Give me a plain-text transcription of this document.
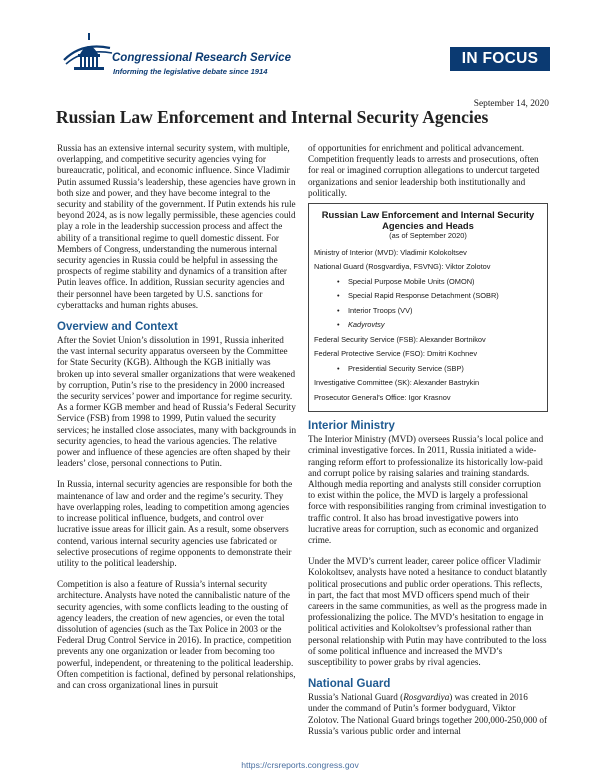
Congressional Research Service
Informing the legislative debate since 1914
IN FOCUS
September 14, 2020
Russian Law Enforcement and Internal Security Agencies

Russia has an extensive internal security system, with multiple, overlapping, and competitive security agencies vying for bureaucratic, political, and economic influence. Since Vladimir Putin assumed Russia’s leadership, these agencies have grown in both size and power, and they have become integral to the security and stability of the government. If Putin extends his rule beyond 2024, as is now legally permissible, these agencies could play a role in the leadership succession process and affect the ability of a transitional regime to quell domestic dissent. For Members of Congress, understanding the numerous internal security agencies in Russia could be helpful in assessing the prospects of regime stability and dynamics of a transition after Putin leaves office. In addition, Russian security agencies and their personnel have been targeted by U.S. sanctions for cyberattacks and human rights abuses.

Overview and Context

After the Soviet Union’s dissolution in 1991, Russia inherited the vast internal security apparatus overseen by the Committee for State Security (KGB). Although the KGB initially was broken up into several smaller organizations that were weakened by corruption, Putin’s rise to the presidency in 2000 increased the security services’ power and importance for regime security. As a former KGB member and head of Russia’s Federal Security Service (FSB) from 1998 to 1999, Putin valued the security services; he installed close associates, many with backgrounds in security agencies, to head the various agencies. The relative power and influence of these agencies are often shaped by their leaders’ close, personal connections to Putin.

In Russia, internal security agencies are responsible for both the maintenance of law and order and the regime’s security. They have overlapping roles, leading to competition among agencies to increase political influence, budgets, and control over lucrative issue areas for illicit gain. As a result, some observers contend, various internal security agencies use fabricated or selective prosecutions of regime opponents to demonstrate their utility to the political leadership.

Competition is also a feature of Russia’s internal security architecture. Analysts have noted the cannibalistic nature of the security agencies, with some conflicts leading to the ousting of agency leaders, the creation of new agencies, or even the total dissolution of agencies (such as the Tax Police in 2003 or the Federal Drug Control Service in 2016). In practice, competition prevents any one organization or leader from becoming too powerful, independent, or threatening to the political leadership. Often competition is factional, defined by personal relationships, and can cross organizational lines in pursuit

of opportunities for enrichment and political advancement. Competition frequently leads to arrests and prosecutions, often for real or imagined corruption allegations to undercut targeted organizations and senior leadership both institutionally and politically.

Russian Law Enforcement and Internal Security Agencies and Heads
(as of September 2020)
Ministry of Interior (MVD): Vladimir Kolokoltsev
National Guard (Rosgvardiya, FSVNG): Viktor Zolotov
• Special Purpose Mobile Units (OMON)
• Special Rapid Response Detachment (SOBR)
• Interior Troops (VV)
• Kadyrovtsy
Federal Security Service (FSB): Alexander Bortnikov
Federal Protective Service (FSO): Dmitri Kochnev
• Presidential Security Service (SBP)
Investigative Committee (SK): Alexander Bastrykin
Prosecutor General’s Office: Igor Krasnov
Interior Ministry

The Interior Ministry (MVD) oversees Russia’s local police and criminal investigative forces. In 2011, Russia initiated a wide-ranging reform effort to professionalize its historically low-paid and corrupt police by raising salaries and training standards. Although media reporting and analysts still consider corruption to exist within the police, the MVD is largely a professional force with responsibilities ranging from criminal investigation to traffic control. It also has broad investigative powers into lucrative areas for corruption, such as economic and organized crime.

Under the MVD’s current leader, career police officer Vladimir Kolokoltsev, analysts have noted a hesitance to conduct blatantly political prosecutions and public order operations. This reflects, in part, the fact that most MVD officers spend much of their careers in the same communities, as well as the progress made in professionalizing the police. The MVD’s hesitation to engage in political activities and Kolokoltsev’s professional rather than personal relationship with Putin may have contributed to the loss of some political influence and increased the MVD’s susceptibility to power grabs by rival agencies.

National Guard

Russia’s National Guard (Rosgvardiya) was created in 2016 under the command of Putin’s former bodyguard, Viktor Zolotov. The National Guard brings together 200,000-250,000 of Russia’s various public order and internal

https://crsreports.congress.gov
